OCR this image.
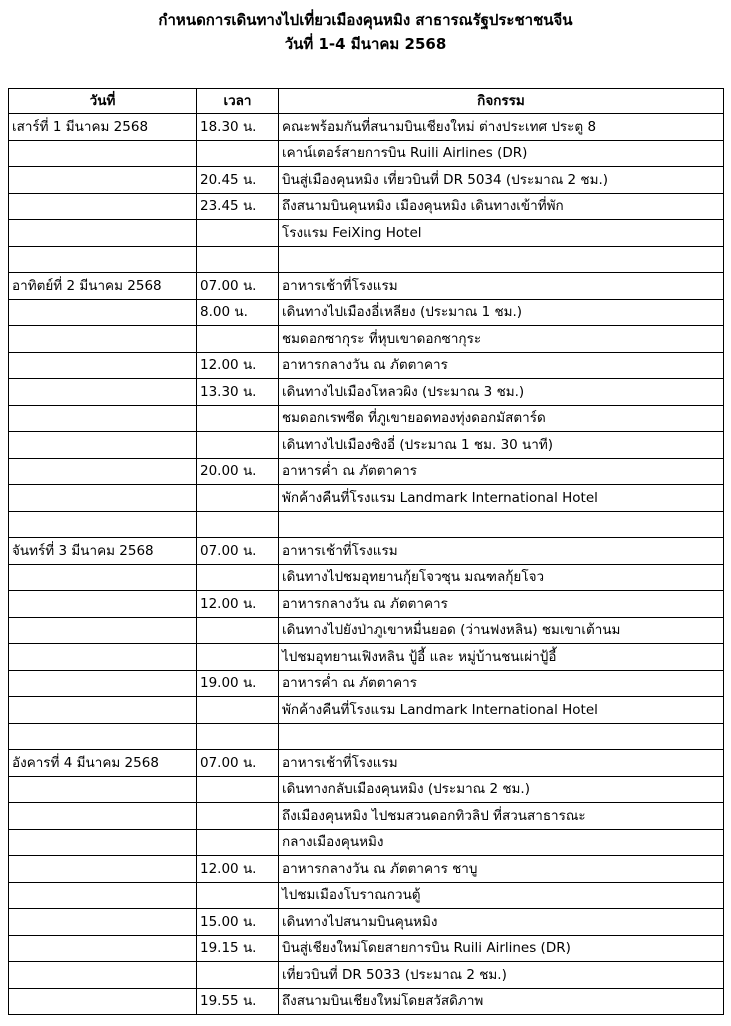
กำหนดการเดินทางไปเที่ยวเมืองคุนหมิง สาธารณรัฐประชาชนจีน
วันที่ 1-4 มีนาคม 2568
วันที่	เวลา	กิจกรรม
เสาร์ที่ 1 มีนาคม 2568	18.30 น.	คณะพร้อมกันที่สนามบินเชียงใหม่ ต่างประเทศ ประตู 8
		เคาน์เตอร์สายการบิน Ruili Airlines (DR)
	20.45 น.	บินสู่เมืองคุนหมิง เที่ยวบินที่ DR 5034 (ประมาณ 2 ชม.)
	23.45 น.	ถึงสนามบินคุนหมิง เมืองคุนหมิง เดินทางเข้าที่พัก
		โรงแรม FeiXing Hotel

อาทิตย์ที่ 2 มีนาคม 2568	07.00 น.	อาหารเช้าที่โรงแรม
	8.00 น.	เดินทางไปเมืองอี่เหลียง (ประมาณ 1 ชม.)
		ชมดอกซากุระ ที่หุบเขาดอกซากุระ
	12.00 น.	อาหารกลางวัน ณ ภัตตาคาร
	13.30 น.	เดินทางไปเมืองโหลวผิง (ประมาณ 3 ชม.)
		ชมดอกเรพซีด ที่ภูเขายอดทองทุ่งดอกมัสตาร์ด
		เดินทางไปเมืองซิงอี่ (ประมาณ 1 ชม. 30 นาที)
	20.00 น.	อาหารค่ำ ณ ภัตตาคาร
		พักค้างคืนที่โรงแรม Landmark International Hotel

จันทร์ที่ 3 มีนาคม 2568	07.00 น.	อาหารเช้าที่โรงแรม
		เดินทางไปชมอุทยานกุ้ยโจวซุน มณฑลกุ้ยโจว
	12.00 น.	อาหารกลางวัน ณ ภัตตาคาร
		เดินทางไปยังป่าภูเขาหมื่นยอด (ว่านฟงหลิน) ชมเขาเต้านม
		ไปชมอุทยานเฟิงหลิน ปู้อี้ และ หมู่บ้านชนเผ่าปู้อี้
	19.00 น.	อาหารค่ำ ณ ภัตตาคาร
		พักค้างคืนที่โรงแรม Landmark International Hotel

อังคารที่ 4 มีนาคม 2568	07.00 น.	อาหารเช้าที่โรงแรม
		เดินทางกลับเมืองคุนหมิง (ประมาณ 2 ชม.)
		ถึงเมืองคุนหมิง ไปชมสวนดอกทิวลิป ที่สวนสาธารณะ
		กลางเมืองคุนหมิง
	12.00 น.	อาหารกลางวัน ณ ภัตตาคาร ชาบู
		ไปชมเมืองโบราณกวนตู้
	15.00 น.	เดินทางไปสนามบินคุนหมิง
	19.15 น.	บินสู่เชียงใหม่โดยสายการบิน Ruili Airlines (DR)
		เที่ยวบินที่ DR 5033 (ประมาณ 2 ชม.)
	19.55 น.	ถึงสนามบินเชียงใหม่โดยสวัสดิภาพ
